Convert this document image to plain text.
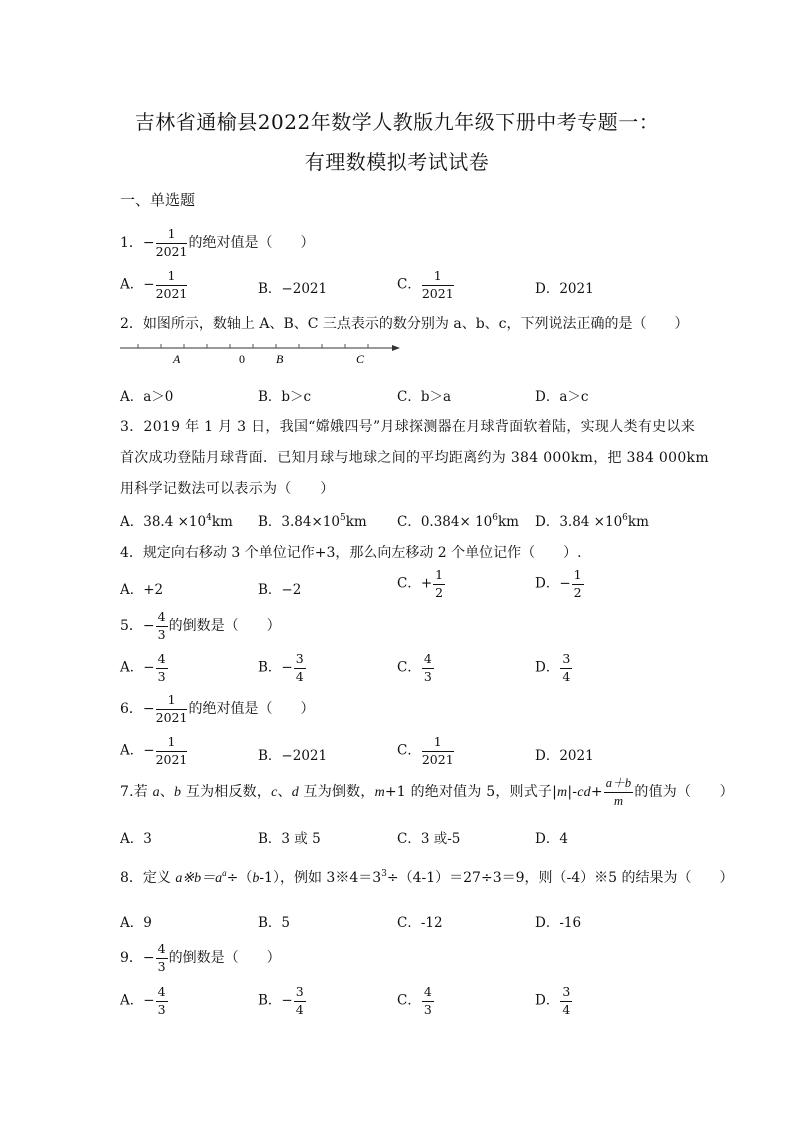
吉林省通榆县2022年数学人教版九年级下册中考专题一：
有理数模拟考试试卷
一、单选题
1．− $\frac{1}{2021}$ 的绝对值是（　　）
A．− $\frac{1}{2021}$	B．−2021	C． $\frac{1}{2021}$	D．2021
2．如图所示，数轴上 A、B、C 三点表示的数分别为 a、b、c，下列说法正确的是（　　）
A	0	B	C
A．a＞0	B．b＞c	C．b＞a	D．a＞c
3．2019 年 1 月 3 日，我国“嫦娥四号”月球探测器在月球背面软着陆，实现人类有史以来
首次成功登陆月球背面．已知月球与地球之间的平均距离约为 384 000km，把 384 000km
用科学记数法可以表示为（　　）
A．$38.4 \times 10^4km$ B．$3.84\times 10^5km$ C．$0.384\times 10^6km$ D．$3.84 \times 10^6km$
4．规定向右移动 3 个单位记作+3，那么向左移动 2 个单位记作（　　）.
A．+2	B．−2	C．+ $\frac{1}{2}$	D．− $\frac{1}{2}$
5．− $\frac{4}{3}$ 的倒数是（　　）
A．− $\frac{4}{3}$	B．− $\frac{3}{4}$	C． $\frac{4}{3}$	D． $\frac{3}{4}$
6．− $\frac{1}{2021}$ 的绝对值是（　　）
A．− $\frac{1}{2021}$	B．−2021	C． $\frac{1}{2021}$	D．2021
7.若 a、b 互为相反数，c、d 互为倒数，m+1 的绝对值为 5，则式子$|m|-cd+ \frac{a+b}{m}$ 的值为（　　）
A．3	B．3 或 5	C．3 或-5	D．4
8．定义 $a※b=a^a\div(b-1)$，例如 $3※4=3^3\div(4-1)=27\div 3=9$，则（-4）※5 的结果为（　　）
A．9	B．5	C．-12	D．-16
9．− $\frac{4}{3}$ 的倒数是（　　）
A．− $\frac{4}{3}$	B．− $\frac{3}{4}$	C． $\frac{4}{3}$	D． $\frac{3}{4}$
